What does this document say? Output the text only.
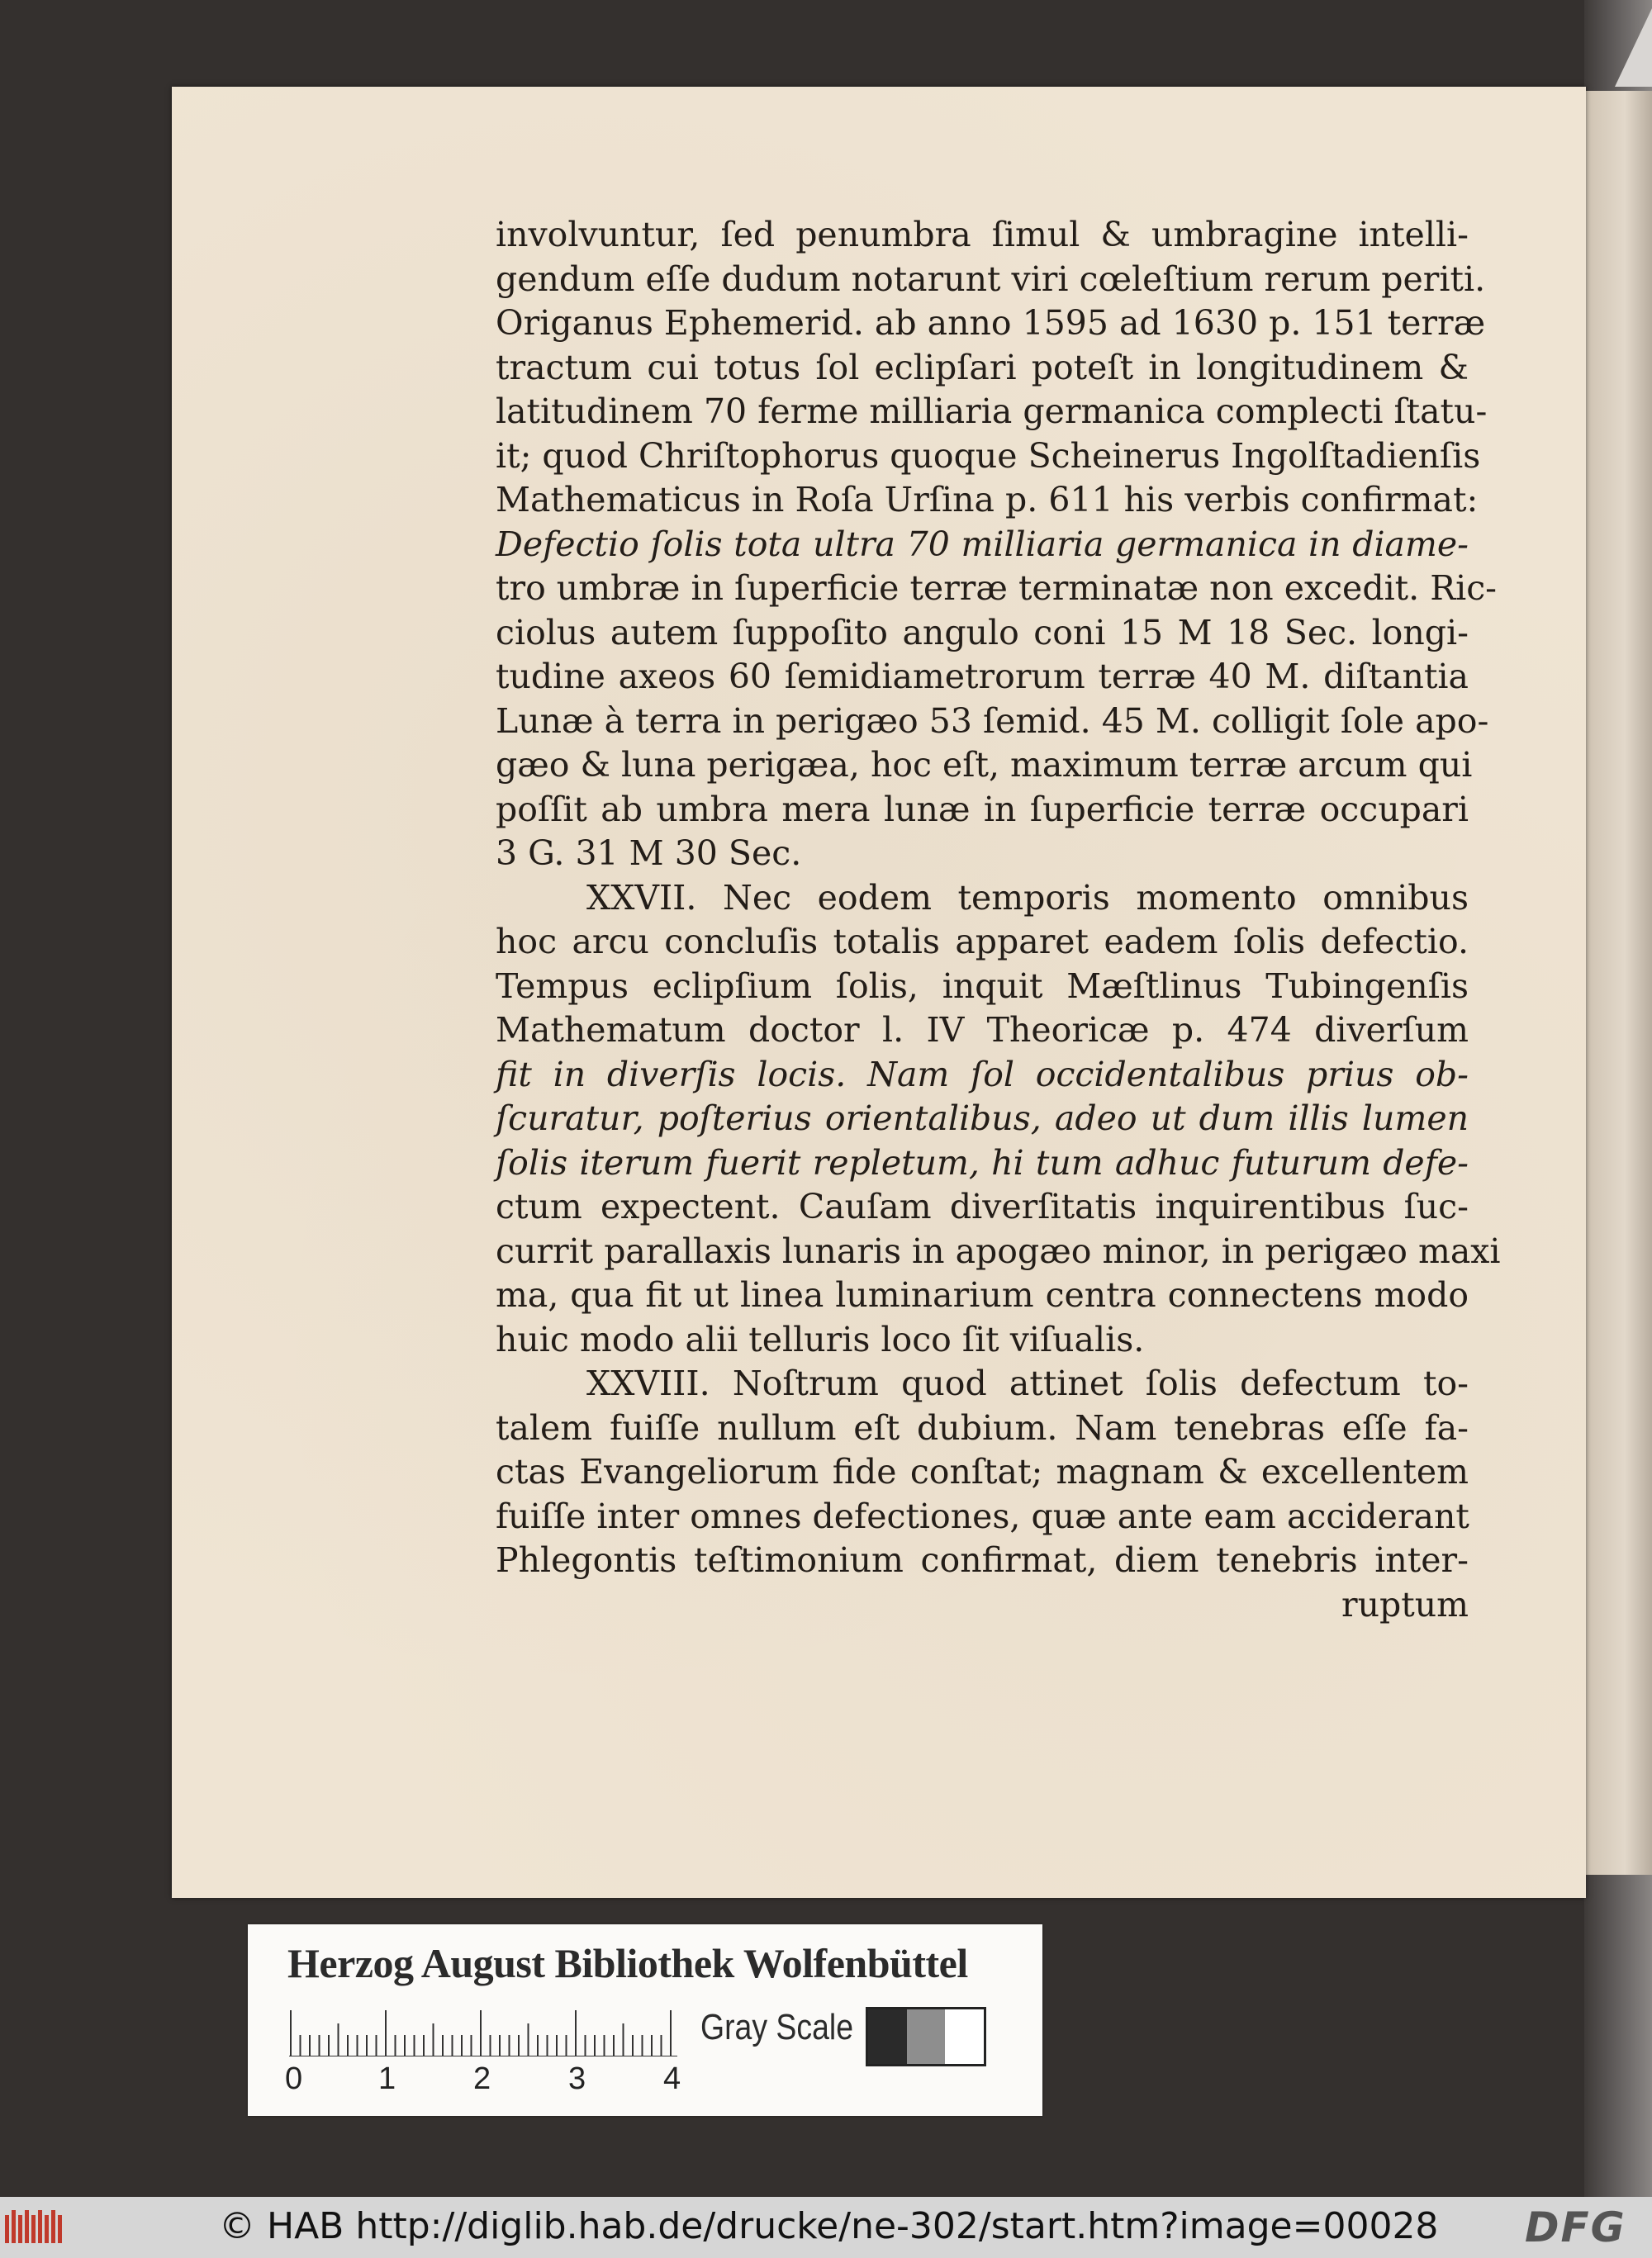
involvuntur, ſed penumbra ſimul & umbragine intelli-
gendum eſſe dudum notarunt viri cœleſtium rerum periti.
Origanus Ephemerid. ab anno 1595 ad 1630 p. 151 terræ
tractum cui totus ſol eclipſari poteſt in longitudinem &
latitudinem 70 ferme milliaria germanica complecti ſtatu-
it; quod Chriſtophorus quoque Scheinerus Ingolſtadienſis
Mathematicus in Roſa Urſina p. 611 his verbis confirmat:
Defectio ſolis tota ultra 70 milliaria germanica in diame-
tro umbræ in ſuperficie terræ terminatæ non excedit. Ric-
ciolus autem ſuppoſito angulo coni 15 M 18 Sec. longi-
tudine axeos 60 ſemidiametrorum terræ 40 M. diſtantia
Lunæ à terra in perigæo 53 ſemid. 45 M. colligit ſole apo-
gæo & luna perigæa, hoc eſt, maximum terræ arcum qui
poſſit ab umbra mera lunæ in ſuperficie terræ occupari
3 G. 31 M 30 Sec.
XXVII. Nec eodem temporis momento omnibus
hoc arcu concluſis totalis apparet eadem ſolis defectio.
Tempus eclipſium ſolis, inquit Mæſtlinus Tubingenſis
Mathematum doctor l. IV Theoricæ p. 474 diverſum
fit in diverſis locis. Nam ſol occidentalibus prius ob-
ſcuratur, poſterius orientalibus, adeo ut dum illis lumen
ſolis iterum fuerit repletum, hi tum adhuc futurum defe-
ctum expectent. Cauſam diverſitatis inquirentibus ſuc-
currit parallaxis lunaris in apogæo minor, in perigæo maxi
ma, qua fit ut linea luminarium centra connectens modo
huic modo alii telluris loco ſit viſualis.
XXVIII. Noſtrum quod attinet ſolis defectum to-
talem fuiſſe nullum eſt dubium. Nam tenebras eſſe fa-
ctas Evangeliorum fide conſtat; magnam & excellentem
fuiſſe inter omnes defectiones, quæ ante eam acciderant
Phlegontis teſtimonium confirmat, diem tenebris inter-
ruptum
Herzog August Bibliothek Wolfenbüttel
0 1 2 3 4
Gray Scale
© HAB http://diglib.hab.de/drucke/ne-302/start.htm?image=00028 DFG
